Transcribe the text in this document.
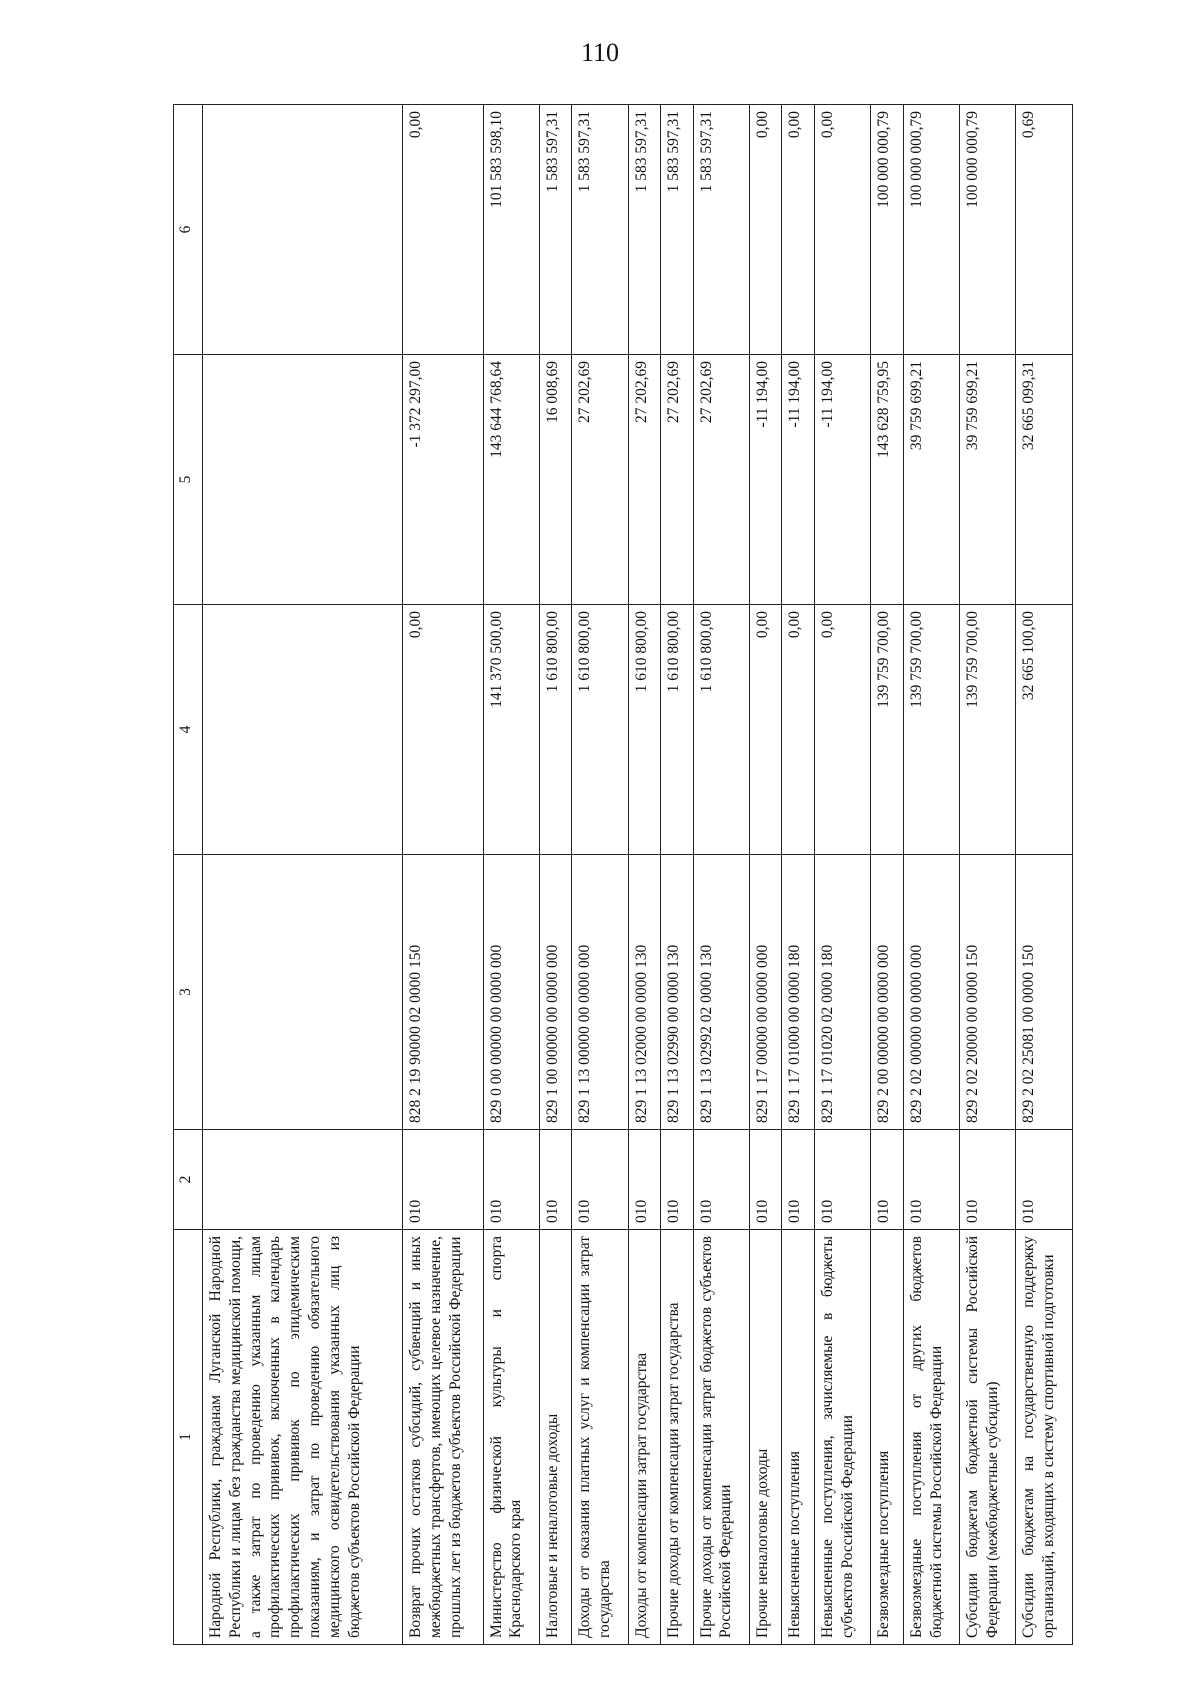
110
1	2	3	4	5	6
Народной Республики, гражданам Луганской Народной Республики и лицам без гражданства медицинской помощи, а также затрат по проведению указанным лицам профилактических прививок, включенных в календарь профилактических прививок по эпидемическим показаниям, и затрат по проведению обязательного медицинского освидетельствования указанных лиц из бюджетов субъектов Российской Федерации					
Возврат прочих остатков субсидий, субвенций и иных межбюджетных трансфертов, имеющих целевое назначение, прошлых лет из бюджетов субъектов Российской Федерации	010	828 2 19 90000 02 0000 150	0,00	-1 372 297,00	0,00
Министерство физической культуры и спорта Краснодарского края	010	829 0 00 00000 00 0000 000	141 370 500,00	143 644 768,64	101 583 598,10
Налоговые и неналоговые доходы	010	829 1 00 00000 00 0000 000	1 610 800,00	16 008,69	1 583 597,31
Доходы от оказания платных услуг и компенсации затрат государства	010	829 1 13 00000 00 0000 000	1 610 800,00	27 202,69	1 583 597,31
Доходы от компенсации затрат государства	010	829 1 13 02000 00 0000 130	1 610 800,00	27 202,69	1 583 597,31
Прочие доходы от компенсации затрат государства	010	829 1 13 02990 00 0000 130	1 610 800,00	27 202,69	1 583 597,31
Прочие доходы от компенсации затрат бюджетов субъектов Российской Федерации	010	829 1 13 02992 02 0000 130	1 610 800,00	27 202,69	1 583 597,31
Прочие неналоговые доходы	010	829 1 17 00000 00 0000 000	0,00	-11 194,00	0,00
Невыясненные поступления	010	829 1 17 01000 00 0000 180	0,00	-11 194,00	0,00
Невыясненные поступления, зачисляемые в бюджеты субъектов Российской Федерации	010	829 1 17 01020 02 0000 180	0,00	-11 194,00	0,00
Безвозмездные поступления	010	829 2 00 00000 00 0000 000	139 759 700,00	143 628 759,95	100 000 000,79
Безвозмездные поступления от других бюджетов бюджетной системы Российской Федерации	010	829 2 02 00000 00 0000 000	139 759 700,00	39 759 699,21	100 000 000,79
Субсидии бюджетам бюджетной системы Российской Федерации (межбюджетные субсидии)	010	829 2 02 20000 00 0000 150	139 759 700,00	39 759 699,21	100 000 000,79
Субсидии бюджетам на государственную поддержку организаций, входящих в систему спортивной подготовки	010	829 2 02 25081 00 0000 150	32 665 100,00	32 665 099,31	0,69
